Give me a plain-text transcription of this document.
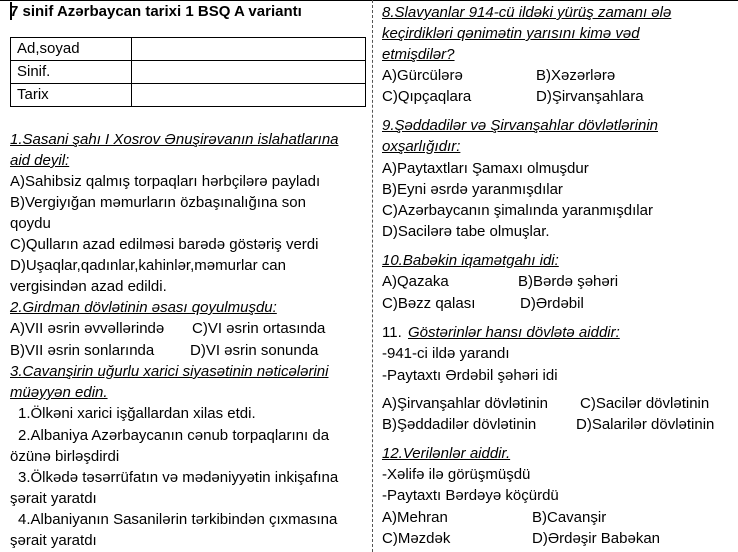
7 sinif Azərbaycan tarixi 1 BSQ A variantı
Ad,soyad	
Sinif.	
Tarix	
1.Sasani şahı I Xosrov Ənuşirəvanın islahatlarına
aid deyil:
A)Sahibsiz qalmış torpaqları hərbçilərə payladı
B)Vergiyığan məmurların özbaşınalığına son
qoydu
C)Qulların azad edilməsi barədə göstəriş verdi
D)Uşaqlar,qadınlar,kahinlər,məmurlar can
vergisindən azad edildi.
2.Girdman dövlətinin əsası qoyulmuşdu:
A)VII əsrin əvvəllərində C)VI əsrin ortasında
B)VII əsrin sonlarında D)VI əsrin sonunda
3.Cavanşirin uğurlu xarici siyasətinin nəticələrini
müəyyən edin.
1.Ölkəni xarici işğallardan xilas etdi.
2.Albaniya Azərbaycanın cənub torpaqlarını da
özünə birləşdirdi
3.Ölkədə təsərrüfatın və mədəniyyətin inkişafına
şərait yaratdı
4.Albaniyanın Sasanilərin tərkibindən çıxmasına
şərait yaratdı
8.Slavyanlar 914-cü ildəki yürüş zamanı ələ
keçirdikləri qənimətin yarısını kimə vəd
etmişdilər?
A)Gürcülərə	B)Xəzərlərə
C)Qıpçaqlara	D)Şirvanşahlara
9.Şəddadilər və Şirvanşahlar dövlətlərinin
oxşarlığıdır:
A)Paytaxtları Şamaxı olmuşdur
B)Eyni əsrdə yaranmışdılar
C)Azərbaycanın şimalında yaranmışdılar
D)Sacilərə tabe olmuşlar.
10.Babəkin iqamətgahı idi:
A)Qazaka	B)Bərdə şəhəri
C)Bəzz qalası	D)Ərdəbil
11. Göstərinlər hansı dövlətə aiddir:
-941-ci ildə yarandı
-Paytaxtı Ərdəbil şəhəri idi
A)Şirvanşahlar dövlətinin C)Sacilər dövlətinin
B)Şəddadilər dövlətinin	D)Salarilər dövlətinin
12.Verilənlər aiddir.
-Xəlifə ilə görüşmüşdü
-Paytaxtı Bərdəyə köçürdü
A)Mehran	B)Cavanşir
C)Məzdək	D)Ərdəşir Babəkan
